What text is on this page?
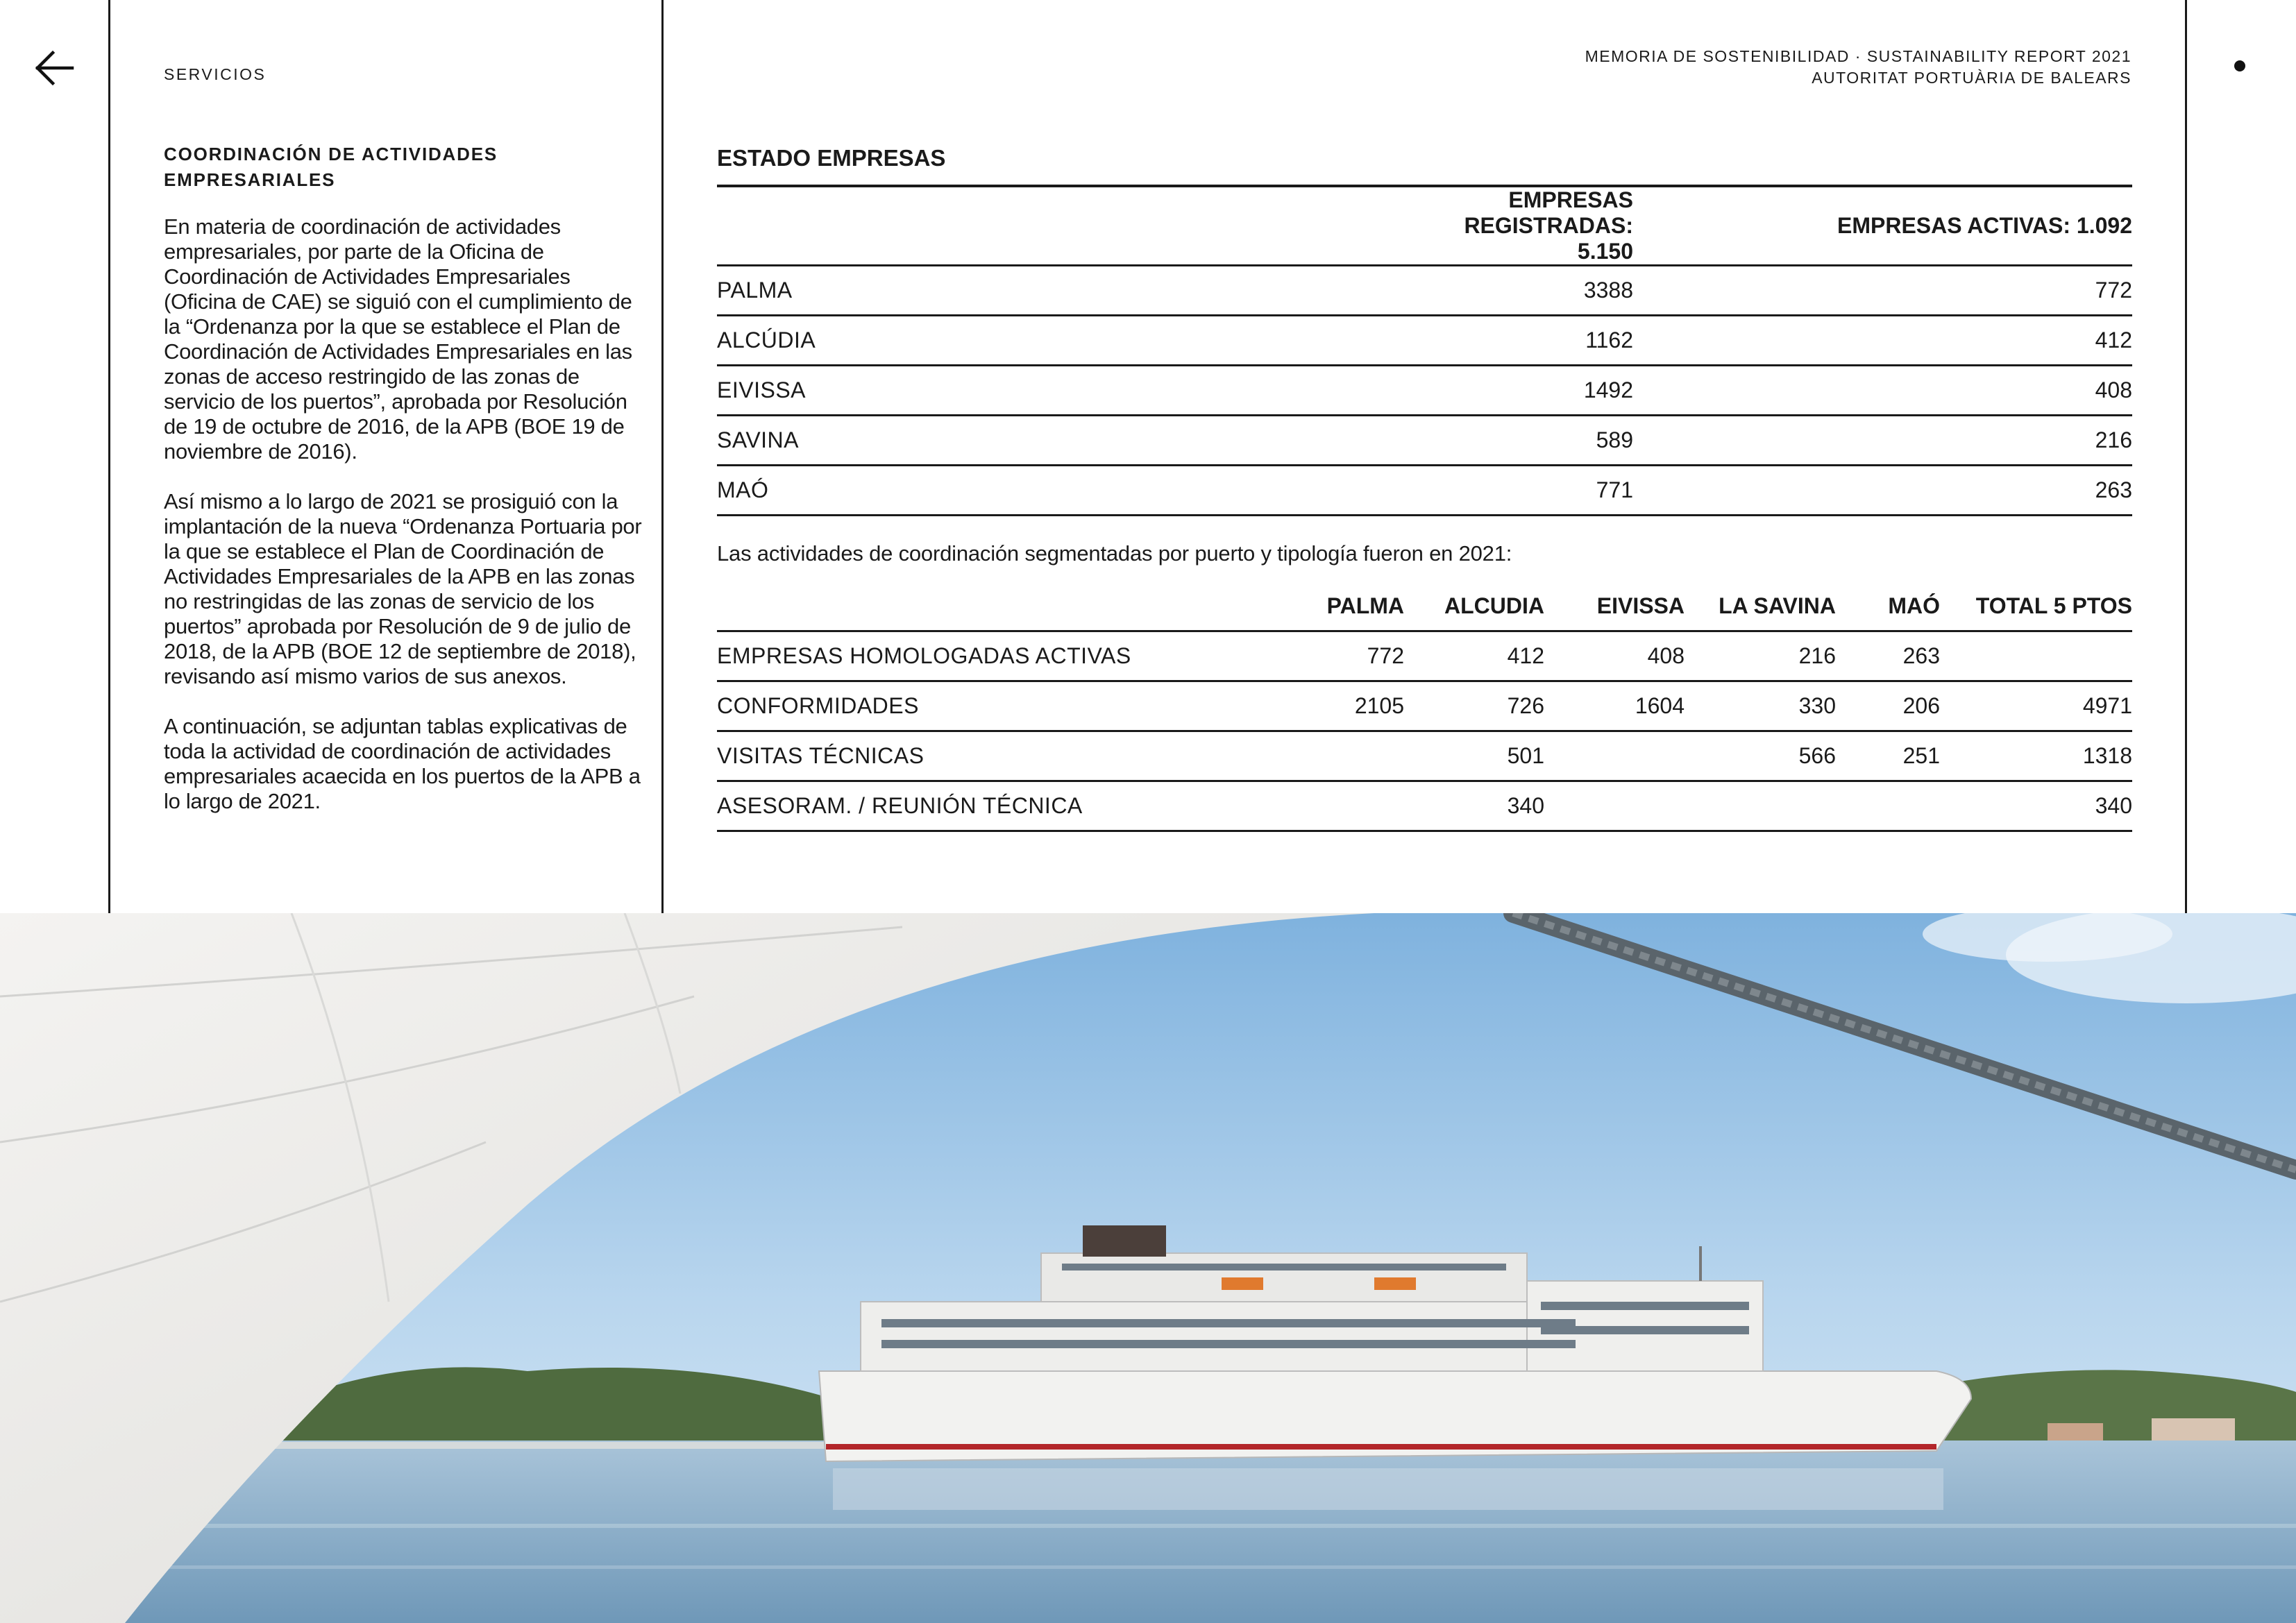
SERVICIOS
MEMORIA DE SOSTENIBILIDAD · SUSTAINABILITY REPORT 2021
AUTORITAT PORTUÀRIA DE BALEARS
COORDINACIÓN DE ACTIVIDADES
EMPRESARIALES

En materia de coordinación de actividades empresariales, por parte de la Oficina de Coordinación de Actividades Empresariales (Oficina de CAE) se siguió con el cumplimiento de la “Ordenanza por la que se establece el Plan de Coordinación de Actividades Empresariales en las zonas de acceso restringido de las zonas de servicio de los puertos”, aprobada por Resolución de 19 de octubre de 2016, de la APB (BOE 19 de noviembre de 2016).

Así mismo a lo largo de 2021 se prosiguió con la implantación de la nueva “Ordenanza Portuaria por la que se establece el Plan de Coordinación de Actividades Empresariales de la APB en las zonas no restringidas de las zonas de servicio de los puertos” aprobada por Resolución de 9 de julio de 2018, de la APB (BOE 12 de septiembre de 2018), revisando así mismo varios de sus anexos.

A continuación, se adjuntan tablas explicativas de toda la actividad de coordinación de actividades empresariales acaecida en los puertos de la APB a lo largo de 2021.

ESTADO EMPRESAS
	EMPRESAS REGISTRADAS: 5.150	EMPRESAS ACTIVAS: 1.092
PALMA	3388	772
ALCÚDIA	1162	412
EIVISSA	1492	408
SAVINA	589	216
MAÓ	771	263
Las actividades de coordinación segmentadas por puerto y tipología fueron en 2021:
	PALMA	ALCUDIA	EIVISSA	LA SAVINA	MAÓ	TOTAL 5 PTOS
EMPRESAS HOMOLOGADAS ACTIVAS	772	412	408	216	263	
CONFORMIDADES	2105	726	1604	330	206	4971
VISITAS TÉCNICAS		501		566	251	1318
ASESORAM. / REUNIÓN TÉCNICA		340				340
